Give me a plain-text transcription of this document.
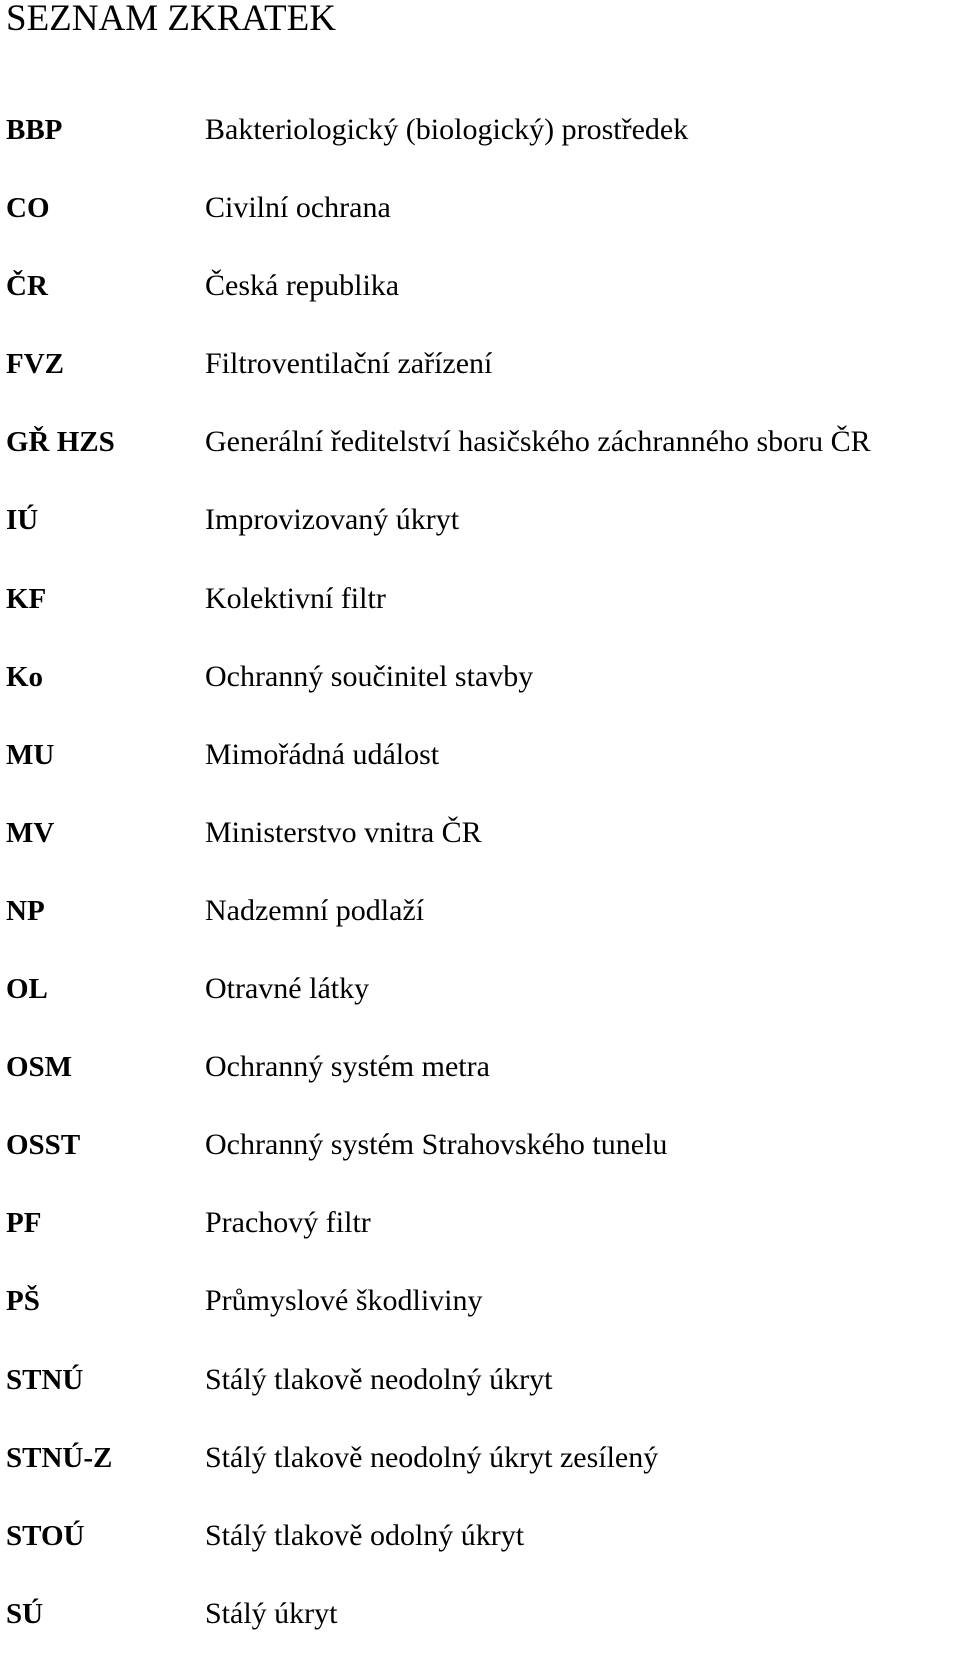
SEZNAM ZKRATEK
BBP	Bakteriologický (biologický) prostředek
CO	Civilní ochrana
ČR	Česká republika
FVZ	Filtroventilační zařízení
GŘ HZS	Generální ředitelství hasičského záchranného sboru ČR
IÚ	Improvizovaný úkryt
KF	Kolektivní filtr
Ko	Ochranný součinitel stavby
MU	Mimořádná událost
MV	Ministerstvo vnitra ČR
NP	Nadzemní podlaží
OL	Otravné látky
OSM	Ochranný systém metra
OSST	Ochranný systém Strahovského tunelu
PF	Prachový filtr
PŠ	Průmyslové škodliviny
STNÚ	Stálý tlakově neodolný úkryt
STNÚ-Z	Stálý tlakově neodolný úkryt zesílený
STOÚ	Stálý tlakově odolný úkryt
SÚ	Stálý úkryt
